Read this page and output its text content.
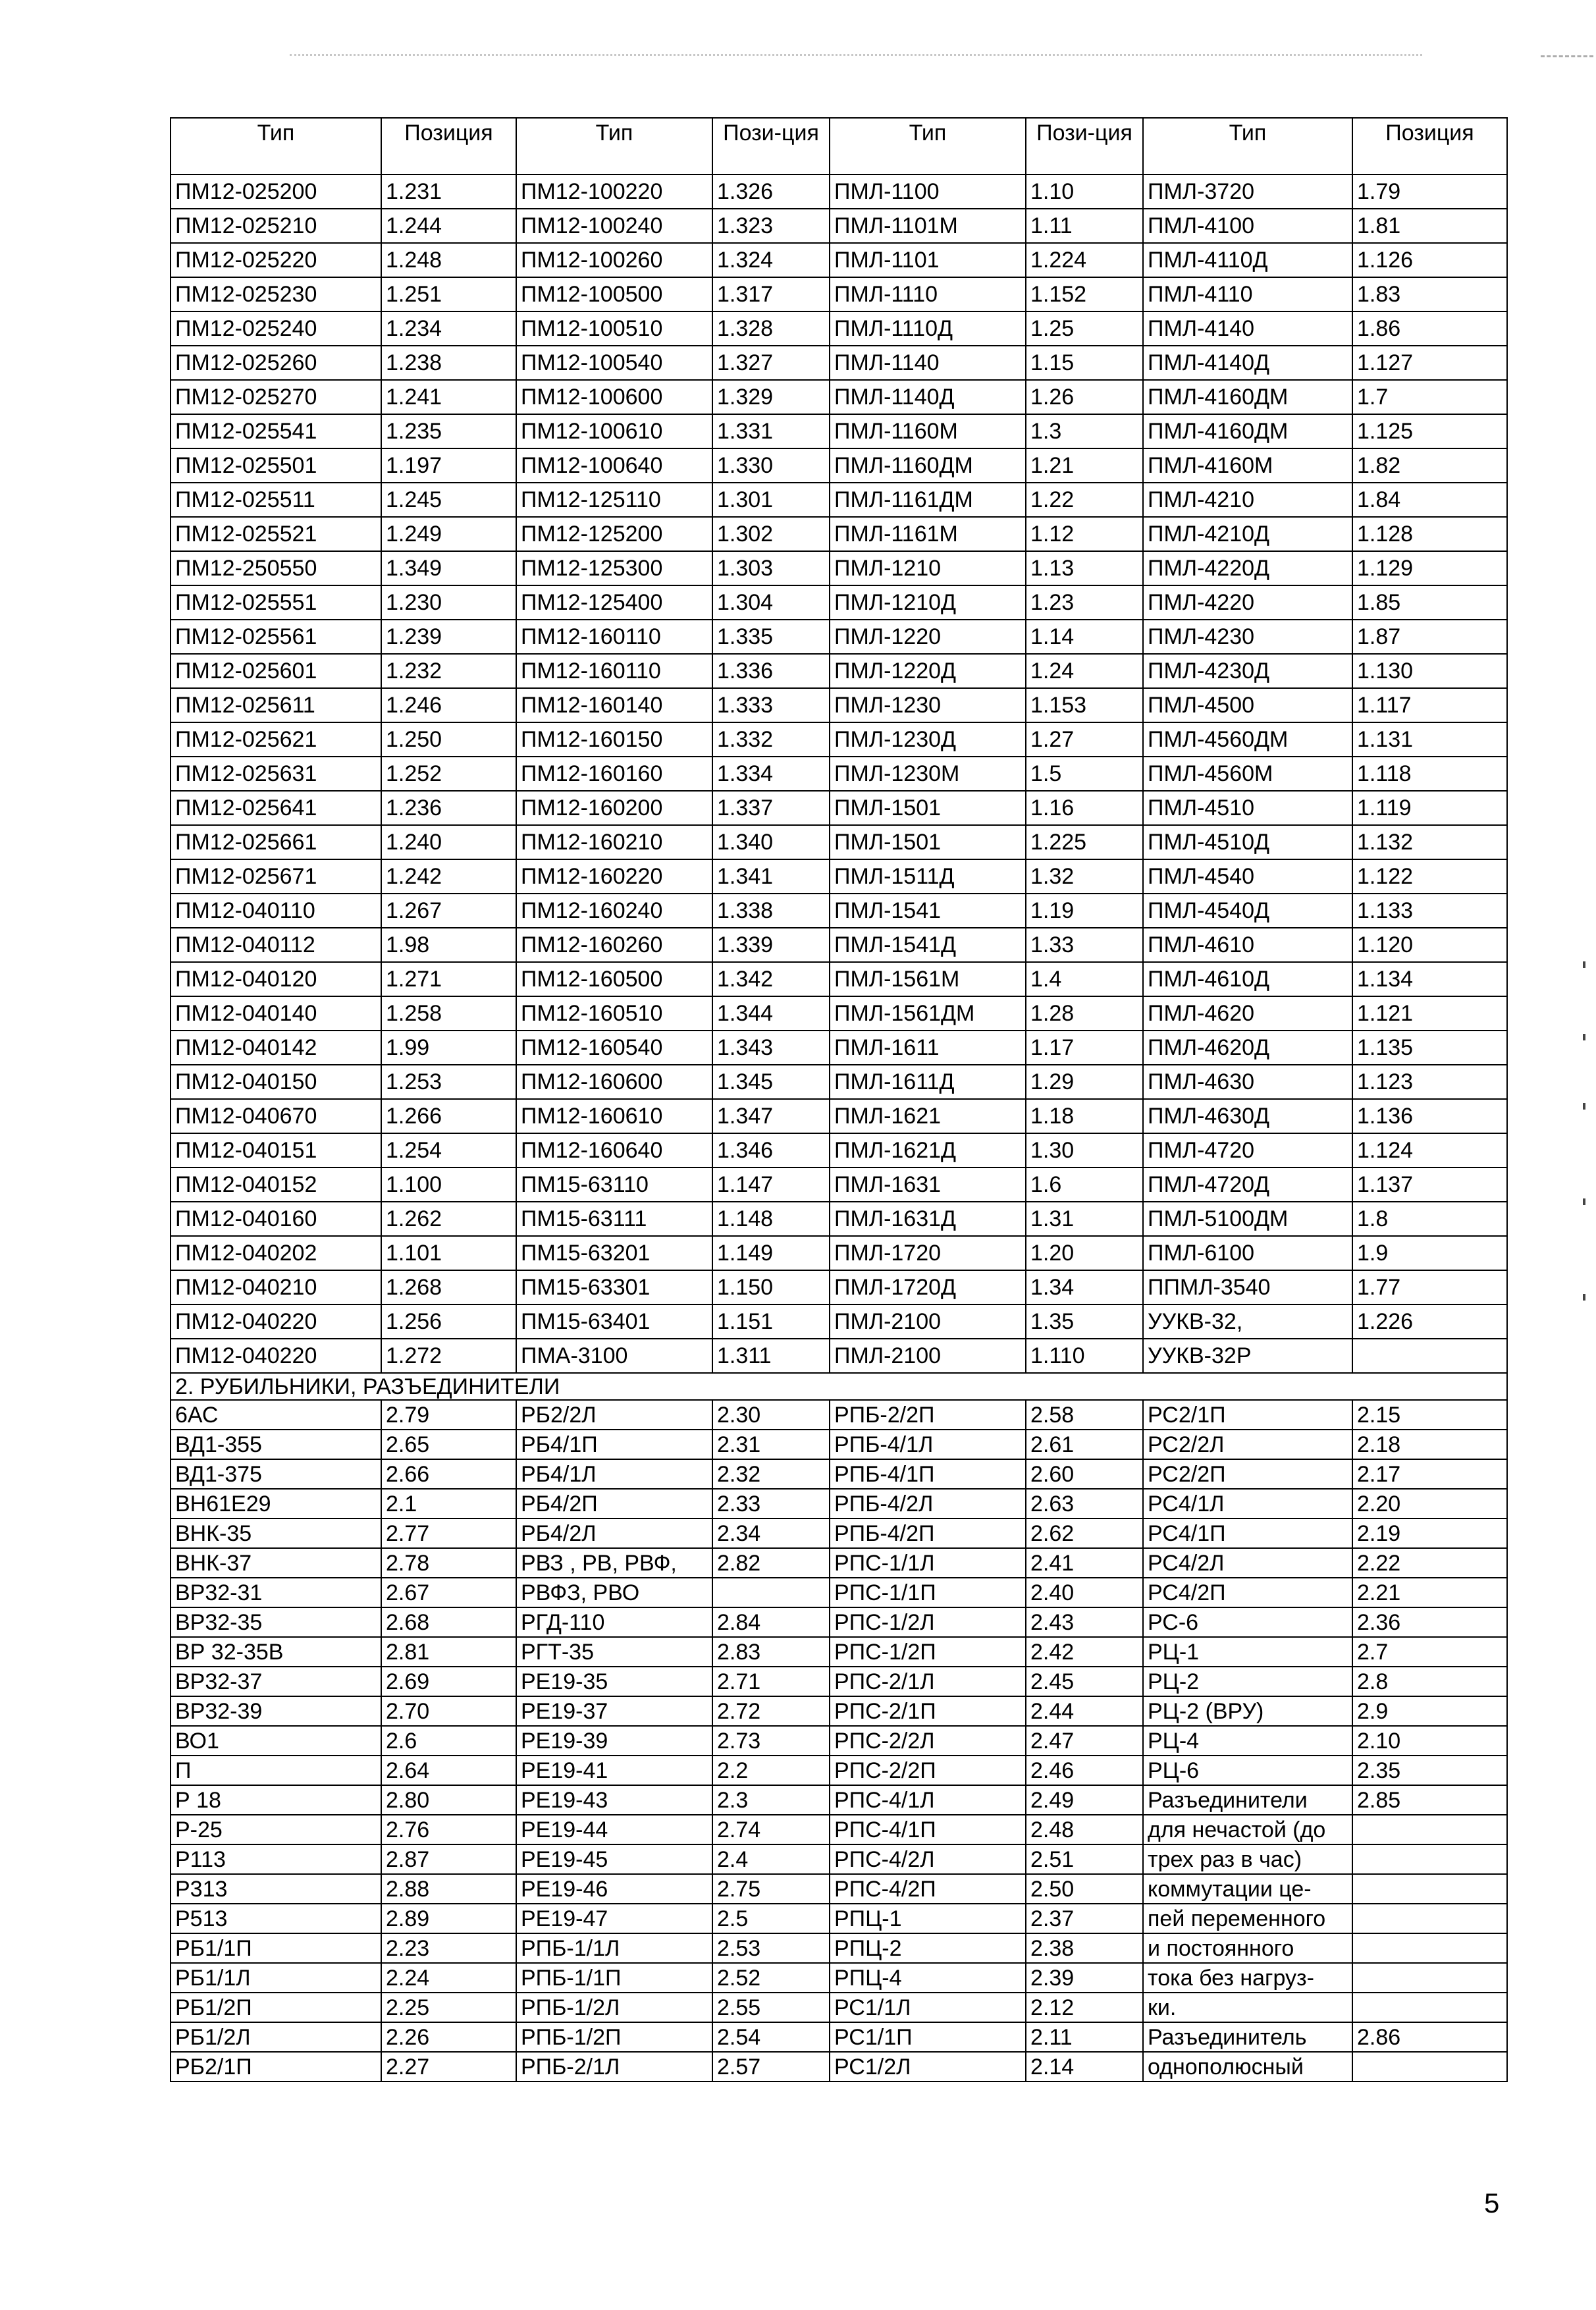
Тип	Позиция	Тип	Пози-ция	Тип	Пози-ция	Тип	Позиция
ПМ12-025200	1.231	ПМ12-100220	1.326	ПМЛ-1100	1.10	ПМЛ-3720	1.79
ПМ12-025210	1.244	ПМ12-100240	1.323	ПМЛ-1101М	1.11	ПМЛ-4100	1.81
ПМ12-025220	1.248	ПМ12-100260	1.324	ПМЛ-1101	1.224	ПМЛ-4110Д	1.126
ПМ12-025230	1.251	ПМ12-100500	1.317	ПМЛ-1110	1.152	ПМЛ-4110	1.83
ПМ12-025240	1.234	ПМ12-100510	1.328	ПМЛ-1110Д	1.25	ПМЛ-4140	1.86
ПМ12-025260	1.238	ПМ12-100540	1.327	ПМЛ-1140	1.15	ПМЛ-4140Д	1.127
ПМ12-025270	1.241	ПМ12-100600	1.329	ПМЛ-1140Д	1.26	ПМЛ-4160ДМ	1.7
ПМ12-025541	1.235	ПМ12-100610	1.331	ПМЛ-1160М	1.3	ПМЛ-4160ДМ	1.125
ПМ12-025501	1.197	ПМ12-100640	1.330	ПМЛ-1160ДМ	1.21	ПМЛ-4160М	1.82
ПМ12-025511	1.245	ПМ12-125110	1.301	ПМЛ-1161ДМ	1.22	ПМЛ-4210	1.84
ПМ12-025521	1.249	ПМ12-125200	1.302	ПМЛ-1161М	1.12	ПМЛ-4210Д	1.128
ПМ12-250550	1.349	ПМ12-125300	1.303	ПМЛ-1210	1.13	ПМЛ-4220Д	1.129
ПМ12-025551	1.230	ПМ12-125400	1.304	ПМЛ-1210Д	1.23	ПМЛ-4220	1.85
ПМ12-025561	1.239	ПМ12-160110	1.335	ПМЛ-1220	1.14	ПМЛ-4230	1.87
ПМ12-025601	1.232	ПМ12-160110	1.336	ПМЛ-1220Д	1.24	ПМЛ-4230Д	1.130
ПМ12-025611	1.246	ПМ12-160140	1.333	ПМЛ-1230	1.153	ПМЛ-4500	1.117
ПМ12-025621	1.250	ПМ12-160150	1.332	ПМЛ-1230Д	1.27	ПМЛ-4560ДМ	1.131
ПМ12-025631	1.252	ПМ12-160160	1.334	ПМЛ-1230М	1.5	ПМЛ-4560М	1.118
ПМ12-025641	1.236	ПМ12-160200	1.337	ПМЛ-1501	1.16	ПМЛ-4510	1.119
ПМ12-025661	1.240	ПМ12-160210	1.340	ПМЛ-1501	1.225	ПМЛ-4510Д	1.132
ПМ12-025671	1.242	ПМ12-160220	1.341	ПМЛ-1511Д	1.32	ПМЛ-4540	1.122
ПМ12-040110	1.267	ПМ12-160240	1.338	ПМЛ-1541	1.19	ПМЛ-4540Д	1.133
ПМ12-040112	1.98	ПМ12-160260	1.339	ПМЛ-1541Д	1.33	ПМЛ-4610	1.120
ПМ12-040120	1.271	ПМ12-160500	1.342	ПМЛ-1561М	1.4	ПМЛ-4610Д	1.134
ПМ12-040140	1.258	ПМ12-160510	1.344	ПМЛ-1561ДМ	1.28	ПМЛ-4620	1.121
ПМ12-040142	1.99	ПМ12-160540	1.343	ПМЛ-1611	1.17	ПМЛ-4620Д	1.135
ПМ12-040150	1.253	ПМ12-160600	1.345	ПМЛ-1611Д	1.29	ПМЛ-4630	1.123
ПМ12-040670	1.266	ПМ12-160610	1.347	ПМЛ-1621	1.18	ПМЛ-4630Д	1.136
ПМ12-040151	1.254	ПМ12-160640	1.346	ПМЛ-1621Д	1.30	ПМЛ-4720	1.124
ПМ12-040152	1.100	ПМ15-63110	1.147	ПМЛ-1631	1.6	ПМЛ-4720Д	1.137
ПМ12-040160	1.262	ПМ15-63111	1.148	ПМЛ-1631Д	1.31	ПМЛ-5100ДМ	1.8
ПМ12-040202	1.101	ПМ15-63201	1.149	ПМЛ-1720	1.20	ПМЛ-6100	1.9
ПМ12-040210	1.268	ПМ15-63301	1.150	ПМЛ-1720Д	1.34	ППМЛ-3540	1.77
ПМ12-040220	1.256	ПМ15-63401	1.151	ПМЛ-2100	1.35	УУКВ-32,	1.226
ПМ12-040220	1.272	ПМА-3100	1.311	ПМЛ-2100	1.110	УУКВ-32Р	
2. РУБИЛЬНИКИ, РАЗЪЕДИНИТЕЛИ							
6АС	2.79	РБ2/2Л	2.30	РПБ-2/2П	2.58	РС2/1П	2.15
ВД1-355	2.65	РБ4/1П	2.31	РПБ-4/1Л	2.61	РС2/2Л	2.18
ВД1-375	2.66	РБ4/1Л	2.32	РПБ-4/1П	2.60	РС2/2П	2.17
ВН61Е29	2.1	РБ4/2П	2.33	РПБ-4/2Л	2.63	РС4/1Л	2.20
ВНК-35	2.77	РБ4/2Л	2.34	РПБ-4/2П	2.62	РС4/1П	2.19
ВНК-37	2.78	РВЗ , РВ, РВФ,	2.82	РПС-1/1Л	2.41	РС4/2Л	2.22
ВР32-31	2.67	РВФЗ, РВО		РПС-1/1П	2.40	РС4/2П	2.21
ВР32-35	2.68	РГД-110	2.84	РПС-1/2Л	2.43	РС-6	2.36
ВР 32-35В	2.81	РГТ-35	2.83	РПС-1/2П	2.42	РЦ-1	2.7
ВР32-37	2.69	РЕ19-35	2.71	РПС-2/1Л	2.45	РЦ-2	2.8
ВР32-39	2.70	РЕ19-37	2.72	РПС-2/1П	2.44	РЦ-2 (ВРУ)	2.9
ВО1	2.6	РЕ19-39	2.73	РПС-2/2Л	2.47	РЦ-4	2.10
П	2.64	РЕ19-41	2.2	РПС-2/2П	2.46	РЦ-6	2.35
Р 18	2.80	РЕ19-43	2.3	РПС-4/1Л	2.49	Разъединители	2.85
Р-25	2.76	РЕ19-44	2.74	РПС-4/1П	2.48	для нечастой (до	
Р113	2.87	РЕ19-45	2.4	РПС-4/2Л	2.51	трех раз в час)	
Р313	2.88	РЕ19-46	2.75	РПС-4/2П	2.50	коммутации це-	
Р513	2.89	РЕ19-47	2.5	РПЦ-1	2.37	пей переменного	
РБ1/1П	2.23	РПБ-1/1Л	2.53	РПЦ-2	2.38	и постоянного	
РБ1/1Л	2.24	РПБ-1/1П	2.52	РПЦ-4	2.39	тока без нагруз-	
РБ1/2П	2.25	РПБ-1/2Л	2.55	РС1/1Л	2.12	ки.	
РБ1/2Л	2.26	РПБ-1/2П	2.54	РС1/1П	2.11	Разъединитель	2.86
РБ2/1П	2.27	РПБ-2/1Л	2.57	РС1/2Л	2.14	однополюсный	
5
